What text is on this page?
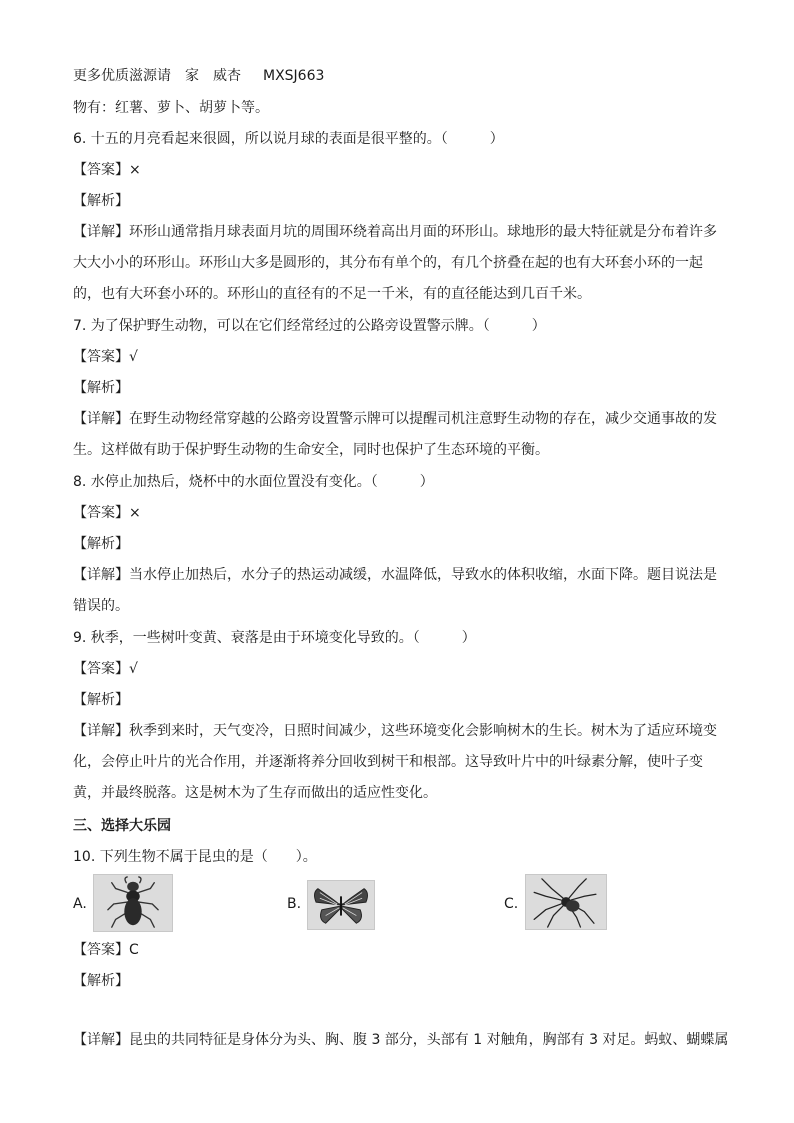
更多优质滋源请 家 威杏 MXSJ663
物有：红薯、萝卜、胡萝卜等。
6. 十五的月亮看起来很圆，所以说月球的表面是很平整的。（　　　）
【答案】×
【解析】
【详解】环形山通常指月球表面月坑的周围环绕着高出月面的环形山。球地形的最大特征就是分布着许多大大小小的环形山。环形山大多是圆形的，其分布有单个的，有几个挤叠在起的也有大环套小环的一起的，也有大环套小环的。环形山的直径有的不足一千米，有的直径能达到几百千米。
7. 为了保护野生动物，可以在它们经常经过的公路旁设置警示牌。（　　　）
【答案】√
【解析】
【详解】在野生动物经常穿越的公路旁设置警示牌可以提醒司机注意野生动物的存在，减少交通事故的发生。这样做有助于保护野生动物的生命安全，同时也保护了生态环境的平衡。
8. 水停止加热后，烧杯中的水面位置没有变化。（　　　）
【答案】×
【解析】
【详解】当水停止加热后，水分子的热运动减缓，水温降低，导致水的体积收缩，水面下降。题目说法是错误的。
9. 秋季，一些树叶变黄、衰落是由于环境变化导致的。（　　　）
【答案】√
【解析】
【详解】秋季到来时，天气变冷，日照时间减少，这些环境变化会影响树木的生长。树木为了适应环境变化，会停止叶片的光合作用，并逐渐将养分回收到树干和根部。这导致叶片中的叶绿素分解，使叶子变黄，并最终脱落。这是树木为了生存而做出的适应性变化。
三、选择大乐园
10. 下列生物不属于昆虫的是（　　）。
A.	B.	C.
【答案】C
【解析】
【详解】昆虫的共同特征是身体分为头、胸、腹 3 部分，头部有 1 对触角，胸部有 3 对足。蚂蚁、蝴蝶属
